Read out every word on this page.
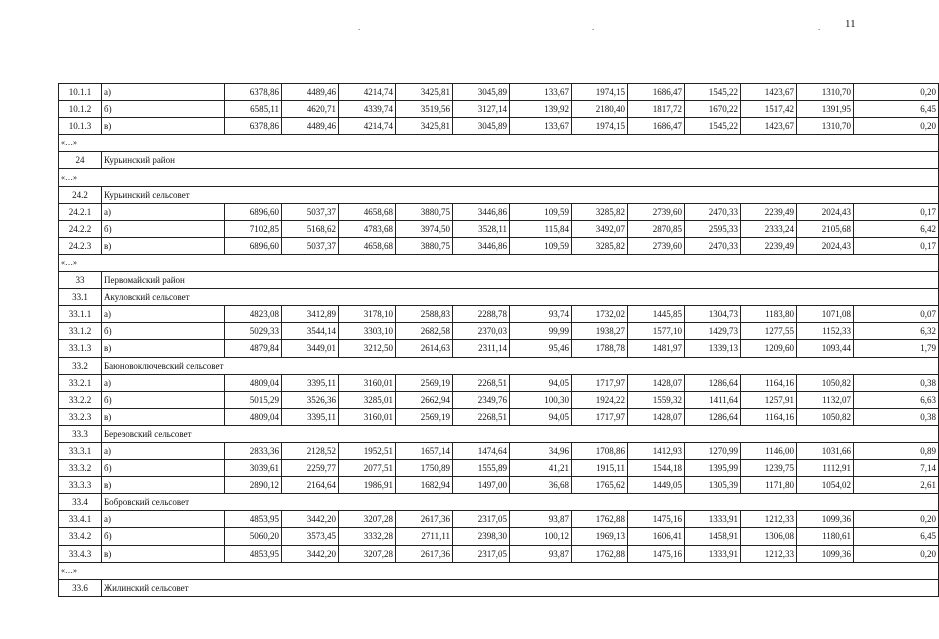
11
.	.	.
10.1.1	а)	6378,86	4489,46	4214,74	3425,81	3045,89	133,67	1974,15	1686,47	1545,22	1423,67	1310,70	0,20
10.1.2	б)	6585,11	4620,71	4339,74	3519,56	3127,14	139,92	2180,40	1817,72	1670,22	1517,42	1391,95	6,45
10.1.3	в)	6378,86	4489,46	4214,74	3425,81	3045,89	133,67	1974,15	1686,47	1545,22	1423,67	1310,70	0,20
«…»													
24	Курьинский район												
«…»													
24.2	Курьинский сельсовет												
24.2.1	а)	6896,60	5037,37	4658,68	3880,75	3446,86	109,59	3285,82	2739,60	2470,33	2239,49	2024,43	0,17
24.2.2	б)	7102,85	5168,62	4783,68	3974,50	3528,11	115,84	3492,07	2870,85	2595,33	2333,24	2105,68	6,42
24.2.3	в)	6896,60	5037,37	4658,68	3880,75	3446,86	109,59	3285,82	2739,60	2470,33	2239,49	2024,43	0,17
«…»													
33	Первомайский район												
33.1	Акуловский сельсовет												
33.1.1	а)	4823,08	3412,89	3178,10	2588,83	2288,78	93,74	1732,02	1445,85	1304,73	1183,80	1071,08	0,07
33.1.2	б)	5029,33	3544,14	3303,10	2682,58	2370,03	99,99	1938,27	1577,10	1429,73	1277,55	1152,33	6,32
33.1.3	в)	4879,84	3449,01	3212,50	2614,63	2311,14	95,46	1788,78	1481,97	1339,13	1209,60	1093,44	1,79
33.2	Баюновоключевский сельсовет												
33.2.1	а)	4809,04	3395,11	3160,01	2569,19	2268,51	94,05	1717,97	1428,07	1286,64	1164,16	1050,82	0,38
33.2.2	б)	5015,29	3526,36	3285,01	2662,94	2349,76	100,30	1924,22	1559,32	1411,64	1257,91	1132,07	6,63
33.2.3	в)	4809,04	3395,11	3160,01	2569,19	2268,51	94,05	1717,97	1428,07	1286,64	1164,16	1050,82	0,38
33.3	Березовский сельсовет												
33.3.1	а)	2833,36	2128,52	1952,51	1657,14	1474,64	34,96	1708,86	1412,93	1270,99	1146,00	1031,66	0,89
33.3.2	б)	3039,61	2259,77	2077,51	1750,89	1555,89	41,21	1915,11	1544,18	1395,99	1239,75	1112,91	7,14
33.3.3	в)	2890,12	2164,64	1986,91	1682,94	1497,00	36,68	1765,62	1449,05	1305,39	1171,80	1054,02	2,61
33.4	Бобровский сельсовет												
33.4.1	а)	4853,95	3442,20	3207,28	2617,36	2317,05	93,87	1762,88	1475,16	1333,91	1212,33	1099,36	0,20
33.4.2	б)	5060,20	3573,45	3332,28	2711,11	2398,30	100,12	1969,13	1606,41	1458,91	1306,08	1180,61	6,45
33.4.3	в)	4853,95	3442,20	3207,28	2617,36	2317,05	93,87	1762,88	1475,16	1333,91	1212,33	1099,36	0,20
«…»													
33.6	Жилинский сельсовет												
